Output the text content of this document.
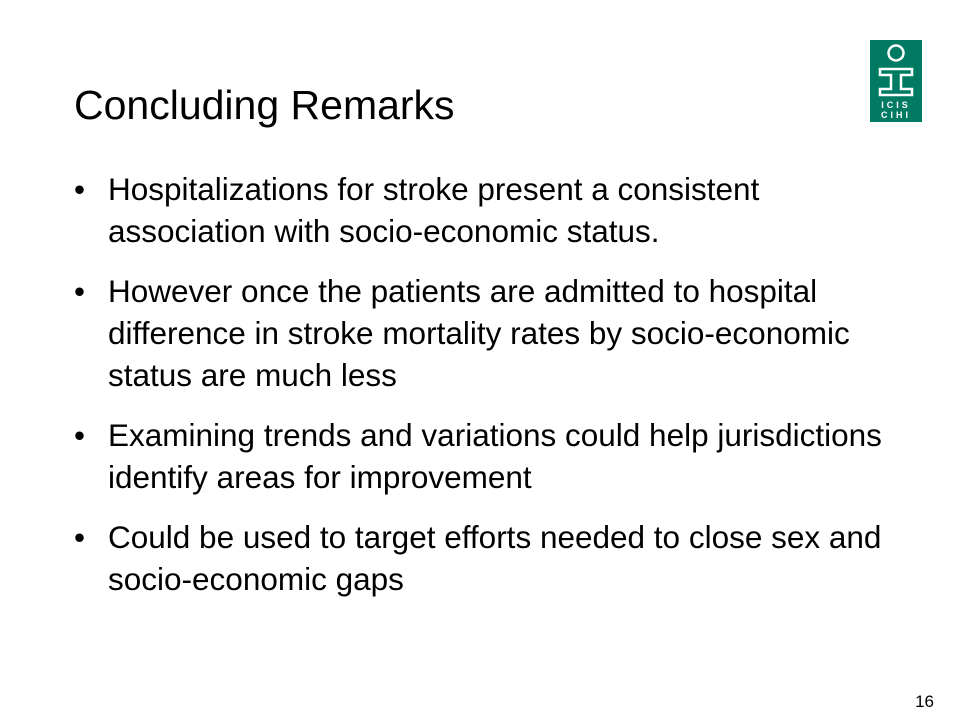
Concluding Remarks	ICIS
CIHI
• Hospitalizations for stroke present a consistent association with socio-economic status.
• However once the patients are admitted to hospital difference in stroke mortality rates by socio-economic status are much less
• Examining trends and variations could help jurisdictions identify areas for improvement
• Could be used to target efforts needed to close sex and socio-economic gaps
16
